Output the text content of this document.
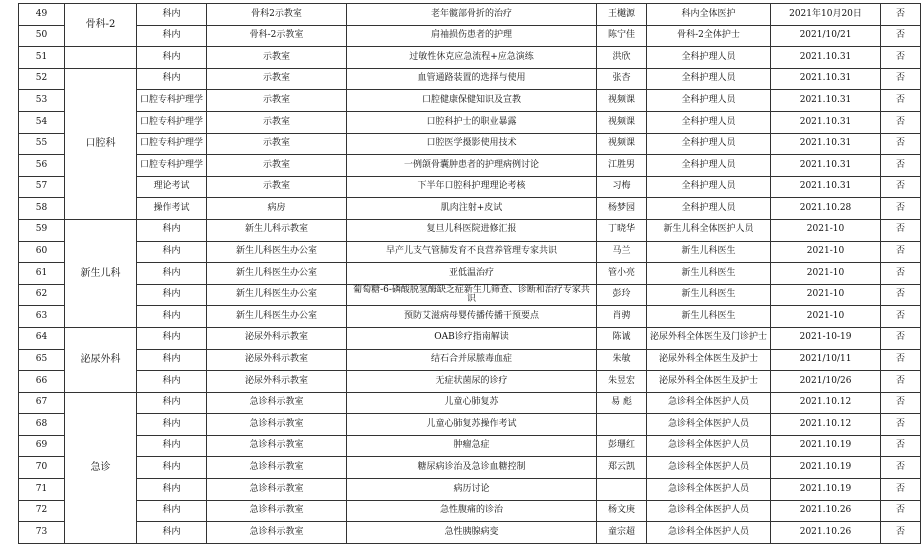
49	骨科-2	科内	骨科2示教室	老年髋部骨折的治疗	王樾源	科内全体医护	2021年10月20日	否
50		科内	骨科-2示教室	肩袖损伤患者的护理	陈宁佳	骨科-2全体护士	2021/10/21	否
51		科内	示教室	过敏性休克应急流程+应急演练	洪欣	全科护理人员	2021.10.31	否
52	口腔科	科内	示教室	血管通路装置的选择与使用	张杏	全科护理人员	2021.10.31	否
53		口腔专科护理学	示教室	口腔健康保健知识及宣教	视频课	全科护理人员	2021.10.31	否
54		口腔专科护理学	示教室	口腔科护士的职业暴露	视频课	全科护理人员	2021.10.31	否
55		口腔专科护理学	示教室	口腔医学摄影使用技术	视频课	全科护理人员	2021.10.31	否
56		口腔专科护理学	示教室	一例颌骨囊肿患者的护理病例讨论	江胜男	全科护理人员	2021.10.31	否
57		理论考试	示教室	下半年口腔科护理理论考核	习梅	全科护理人员	2021.10.31	否
58		操作考试	病房	肌肉注射+皮试	杨梦园	全科护理人员	2021.10.28	否
59	新生儿科	科内	新生儿科示教室	复旦儿科医院进修汇报	丁晓华	新生儿科全体医护人员	2021-10	否
60		科内	新生儿科医生办公室	早产儿支气管肺发育不良营养管理专家共识	马兰	新生儿科医生	2021-10	否
61		科内	新生儿科医生办公室	亚低温治疗	管小亮	新生儿科医生	2021-10	否
62		科内	新生儿科医生办公室	葡萄糖-6-磷酸脱氢酶缺乏症新生儿筛查、诊断和治疗专家共识	彭玲	新生儿科医生	2021-10	否
63		科内	新生儿科医生办公室	预防艾滋病母婴传播传播干预要点	肖骋	新生儿科医生	2021-10	否
64	泌尿外科	科内	泌尿外科示教室	OAB诊疗指南解读	陈诚	泌尿外科全体医生及门诊护士	2021-10-19	否
65		科内	泌尿外科示教室	结石合并尿脓毒血症	朱敏	泌尿外科全体医生及护士	2021/10/11	否
66		科内	泌尿外科示教室	无症状菌尿的诊疗	朱昱宏	泌尿外科全体医生及护士	2021/10/26	否
67	急诊	科内	急诊科示教室	儿童心肺复苏	易 彪	急诊科全体医护人员	2021.10.12	否
68		科内	急诊科示教室	儿童心肺复苏操作考试		急诊科全体医护人员	2021.10.12	否
69		科内	急诊科示教室	肿瘤急症	彭珊红	急诊科全体医护人员	2021.10.19	否
70		科内	急诊科示教室	糖尿病诊治及急诊血糖控制	郑云凯	急诊科全体医护人员	2021.10.19	否
71		科内	急诊科示教室	病历讨论		急诊科全体医护人员	2021.10.19	否
72		科内	急诊科示教室	急性腹痛的诊治	杨文庚	急诊科全体医护人员	2021.10.26	否
73		科内	急诊科示教室	急性胰腺病变	童宗超	急诊科全体医护人员	2021.10.26	否
